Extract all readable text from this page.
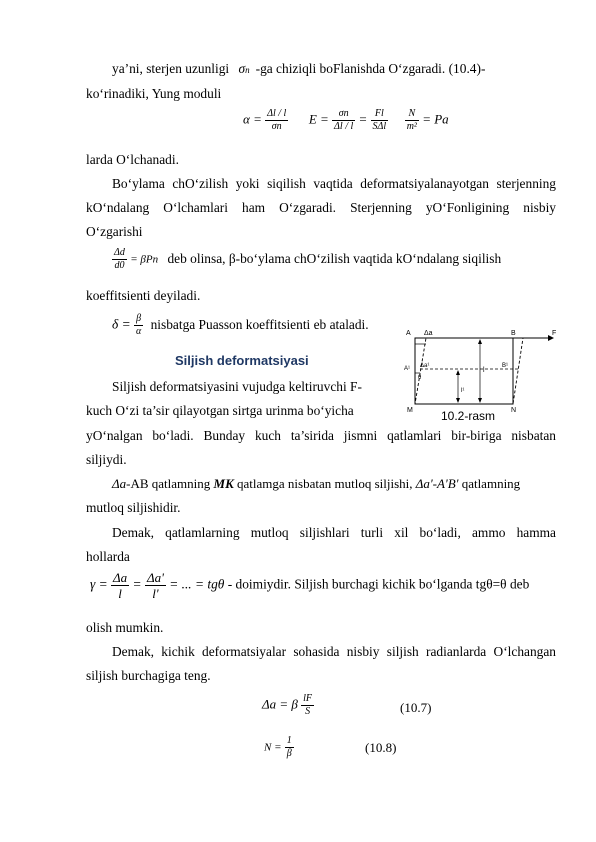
ya’ni, sterjen uzunligi σn -ga chiziqli boFlanishda O‘zgaradi. (10.4)-
ko‘rinadiki, Yung moduli
$\alpha = \frac{\Delta l / l}{\sigma n}$ $E = \frac{\sigma n}{\Delta l / l} = \frac{Fl}{\text{SΔl}}$
$\frac{N}{\text{m²}} = Pa$
larda O‘lchanadi.
Bo‘ylama chO‘zilish yoki siqilish vaqtida deformatsiyalanayotgan sterjenning
kO‘ndalang O‘lchamlari ham O‘zgaradi. Sterjenning yO‘Fonligining nisbiy
O‘zgarishi
$\frac{\Delta d}{d0} = \beta Pn$ deb olinsa, β-bo‘ylama chO‘zilish vaqtida kO‘ndalang siqilish
koeffitsienti deyiladi.
$\delta = \frac{\beta}{\alpha}$ nisbatga Puasson koeffitsienti eb ataladi.
Siljish deformatsiyasi
Siljish deformatsiyasini vujudga keltiruvchi F-
kuch O‘zi ta’sir qilayotgan sirtga urinma bo‘yicha
yO‘nalgan bo‘ladi. Bunday kuch ta’sirida jismni qatlamlari bir-biriga nisbatan
siljiydi.
A Δa	B	F
A¹ Δa¹	B¹
l
l¹
θ
M	N
10.2-rasm
Δa-AB qatlamning MK qatlamga nisbatan mutloq siljishi, Δa'-A'B' qatlamning
mutloq siljishidir.
Demak, qatlamlarning mutloq siljishlari turli xil bo‘ladi, ammo hamma
hollarda
$\gamma = \frac{\Delta a}{l} = \frac{\Delta a'}{l'}$ = ... = tgθ - doimiydir. Siljish burchagi kichik bo‘lganda tgθ=θ deb
olish mumkin.
Demak, kichik deformatsiyalar sohasida nisbiy siljish radianlarda O‘lchangan
siljish burchagiga teng.
Δa = β $\frac{lF}{S}$	(10.7)
$N = \frac{1}{\beta}$	(10.8)
